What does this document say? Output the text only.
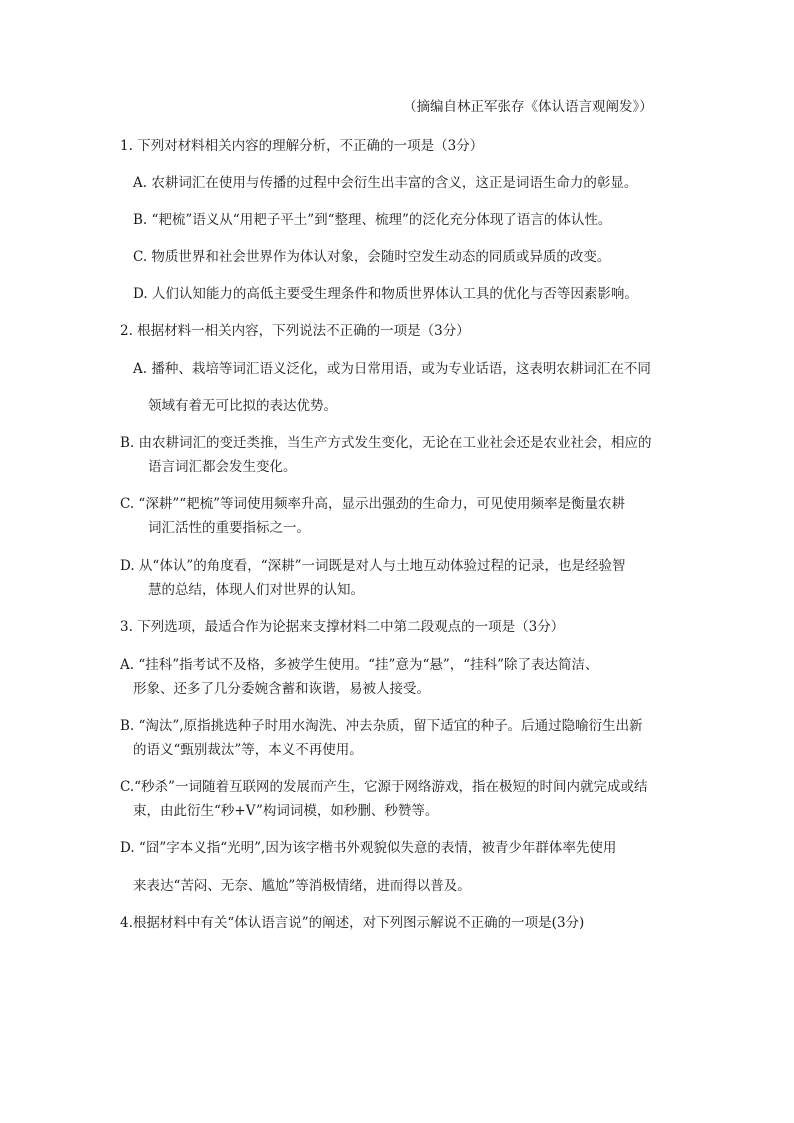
（摘编自林正军张存《体认语言观阐发》）
1. 下列对材料相关内容的理解分析，不正确的一项是（3分）
A. 农耕词汇在使用与传播的过程中会衍生出丰富的含义，这正是词语生命力的彰显。
B. “耙梳”语义从“用耙子平土”到“整理、梳理”的泛化充分体现了语言的体认性。
C. 物质世界和社会世界作为体认对象，会随时空发生动态的同质或异质的改变。
D. 人们认知能力的高低主要受生理条件和物质世界体认工具的优化与否等因素影响。
2. 根据材料一相关内容，下列说法不正确的一项是（3分）
A. 播种、栽培等词汇语义泛化，或为日常用语，或为专业话语，这表明农耕词汇在不同
领域有着无可比拟的表达优势。
B. 由农耕词汇的变迁类推，当生产方式发生变化，无论在工业社会还是农业社会，相应的
语言词汇都会发生变化。
C. “深耕”“耙梳”等词使用频率升高，显示出强劲的生命力，可见使用频率是衡量农耕
词汇活性的重要指标之一。
D. 从“体认”的角度看，“深耕”一词既是对人与土地互动体验过程的记录，也是经验智
慧的总结，体现人们对世界的认知。
3. 下列选项，最适合作为论据来支撑材料二中第二段观点的一项是（3分）
A. “挂科”指考试不及格，多被学生使用。“挂”意为“悬”，“挂科”除了表达简洁、
形象、还多了几分委婉含蓄和诙谐，易被人接受。
B. “淘汰”,原指挑选种子时用水淘洗、冲去杂质，留下适宜的种子。后通过隐喻衍生出新
的语义“甄别裁汰”等，本义不再使用。
C.“秒杀”一词随着互联网的发展而产生，它源于网络游戏，指在极短的时间内就完成或结
束，由此衍生“秒+V”构词词模，如秒删、秒赞等。
D. “囧”字本义指“光明”,因为该字楷书外观貌似失意的表情，被青少年群体率先使用
来表达“苦闷、无奈、尴尬”等消极情绪，进而得以普及。
4.根据材料中有关“体认语言说”的阐述，对下列图示解说不正确的一项是(3分)
